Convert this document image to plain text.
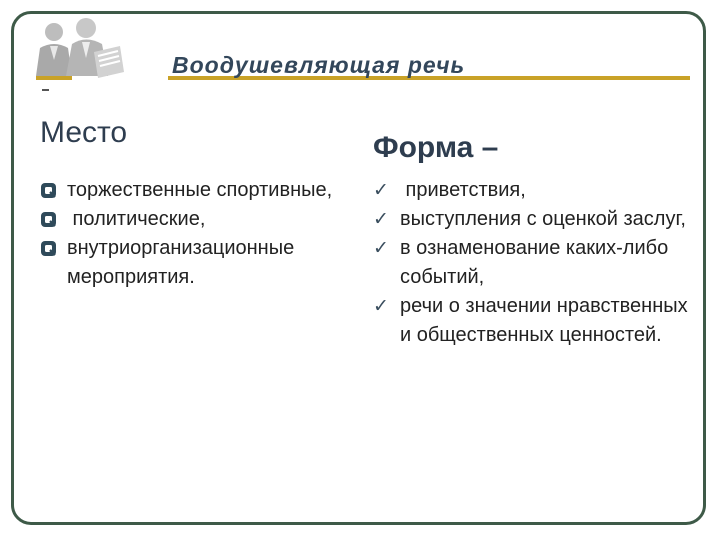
Воодушевляющая речь
Место	Форма –
торжественные спортивные,
политические,
внутриорганизационные мероприятия.
✓ приветствия,
✓ выступления с оценкой заслуг,
✓ в ознаменование каких-либо событий,
✓ речи о значении нравственных и общественных ценностей.
